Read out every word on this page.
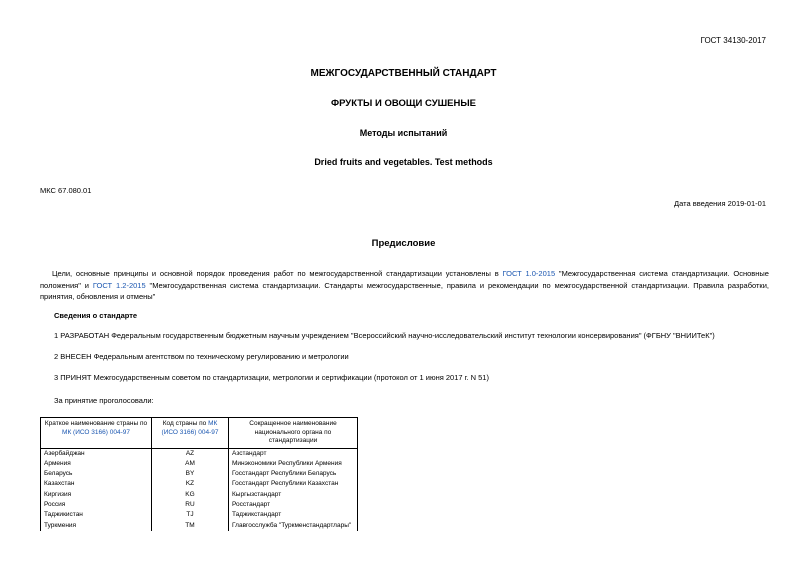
ГОСТ 34130-2017
МЕЖГОСУДАРСТВЕННЫЙ СТАНДАРТ
ФРУКТЫ И ОВОЩИ СУШЕНЫЕ
Методы испытаний
Dried fruits and vegetables. Test methods
МКС 67.080.01
Дата введения 2019-01-01
Предисловие
Цели, основные принципы и основной порядок проведения работ по межгосударственной стандартизации установлены в ГОСТ 1.0-2015 "Межгосударственная система стандартизации. Основные положения" и ГОСТ 1.2-2015 "Межгосударственная система стандартизации. Стандарты межгосударственные, правила и рекомендации по межгосударственной стандартизации. Правила разработки, принятия, обновления и отмены"
Сведения о стандарте
1 РАЗРАБОТАН Федеральным государственным бюджетным научным учреждением "Всероссийский научно-исследовательский институт технологии консервирования" (ФГБНУ "ВНИИТеК")
2 ВНЕСЕН Федеральным агентством по техническому регулированию и метрологии
3 ПРИНЯТ Межгосударственным советом по стандартизации, метрологии и сертификации (протокол от 1 июня 2017 г. N 51)
За принятие проголосовали:
Краткое наименование страны по МК (ИСО 3166) 004-97	Код страны по МК (ИСО 3166) 004-97	Сокращенное наименование национального органа по стандартизации
Азербайджан	AZ	Азстандарт
Армения	AM	Минэкономики Республики Армения
Беларусь	BY	Госстандарт Республики Беларусь
Казахстан	KZ	Госстандарт Республики Казахстан
Киргизия	KG	Кыргызстандарт
Россия	RU	Росстандарт
Таджикистан	TJ	Таджикстандарт
Туркмения	TM	Главгосслужба "Туркменстандартлары"
